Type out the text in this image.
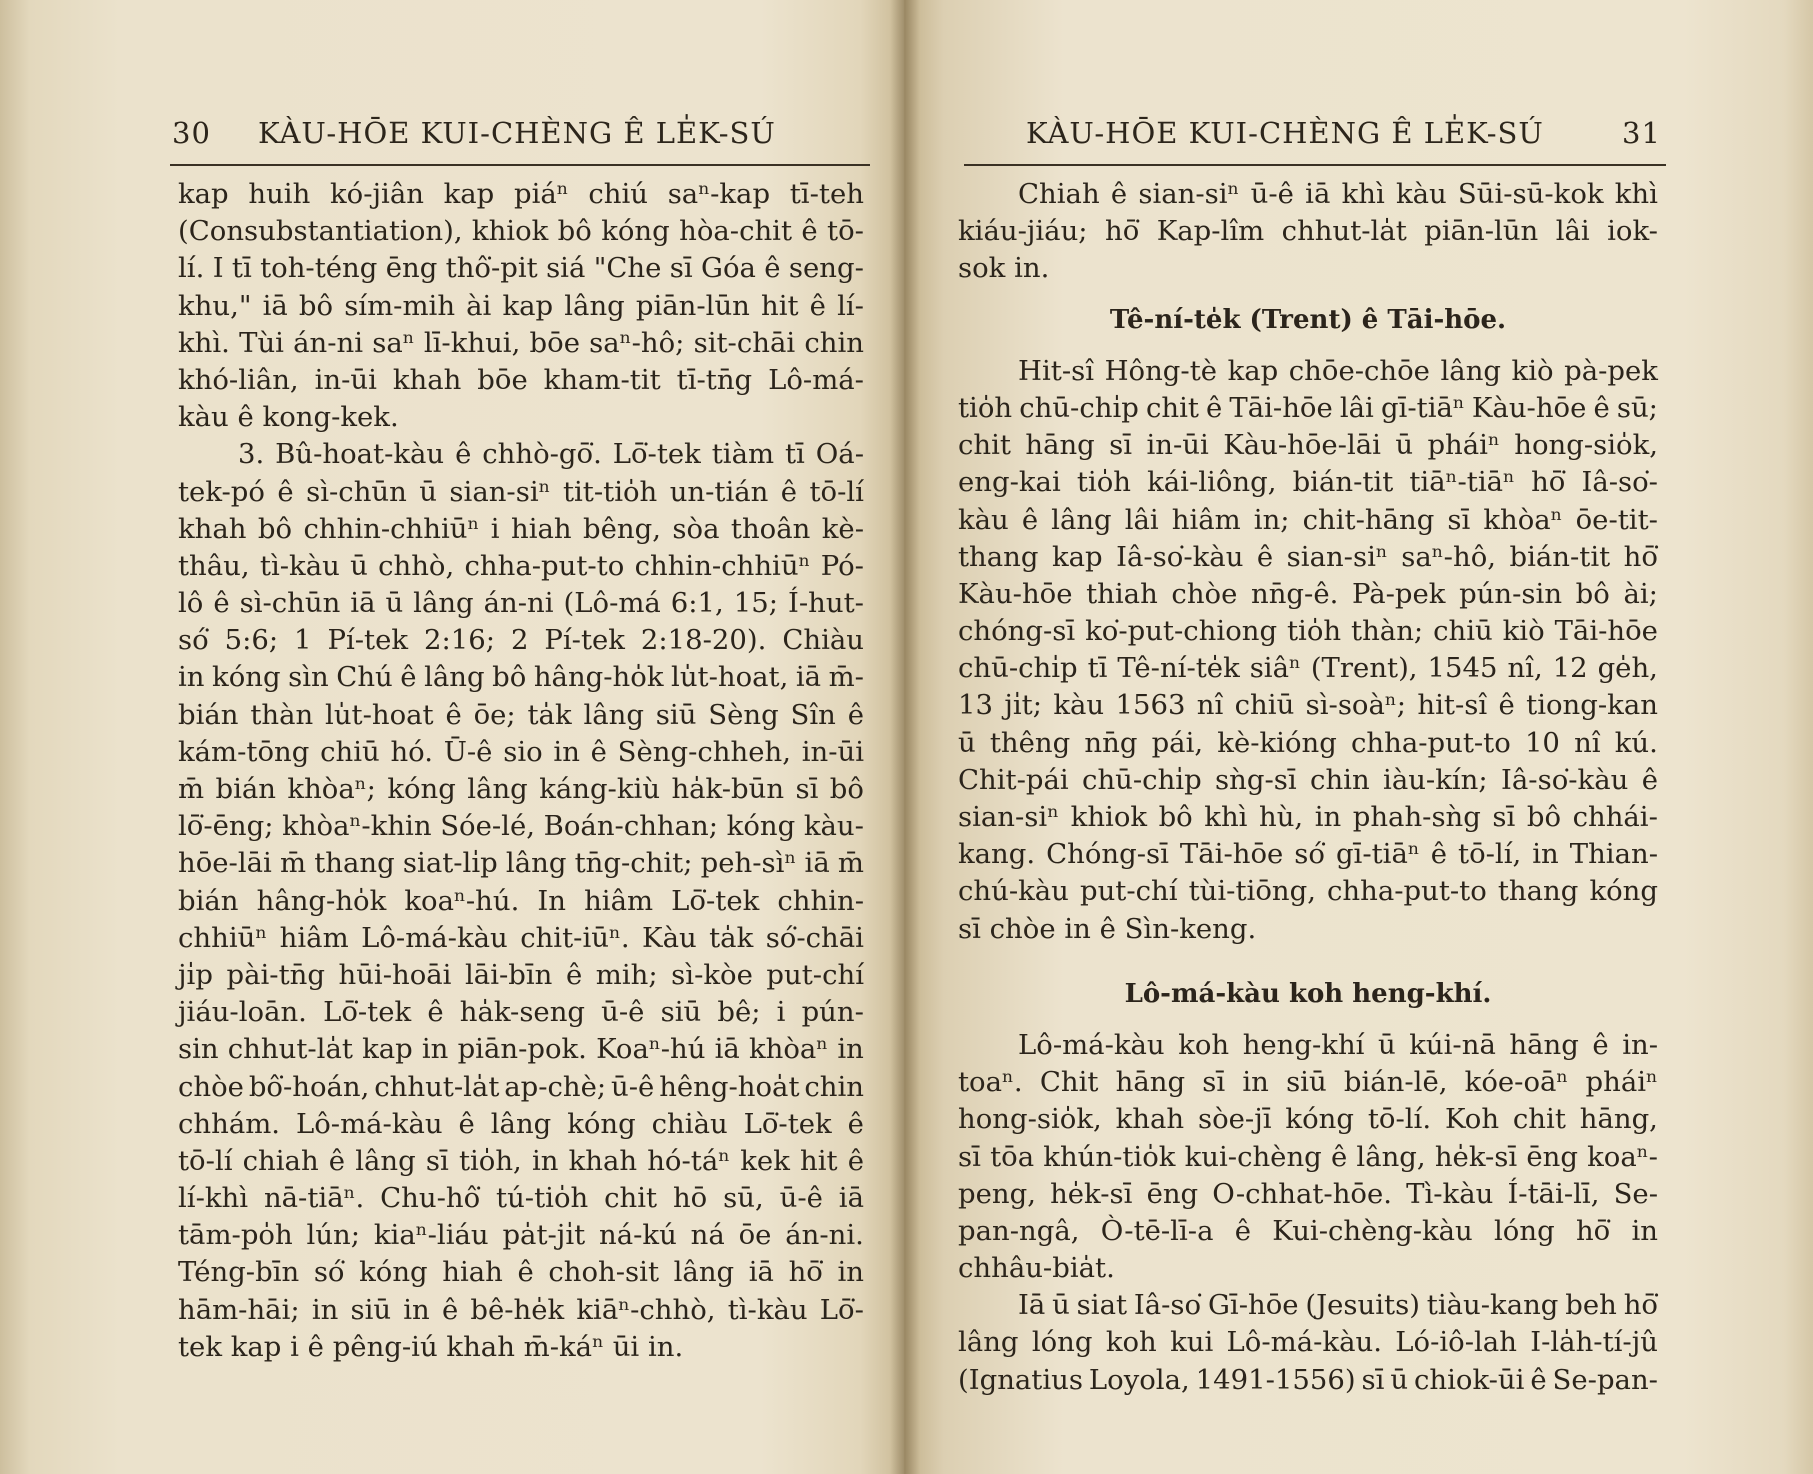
30 KÀU-HŌE KUI-CHÈNG Ê LE̍K-SÚ
kap huih kó-jiân kap piáⁿ chiú saⁿ-kap tī-teh
(Consubstantiation), khiok bô kóng hòa-chit ê tō-
lí. I tī toh-téng ēng thô͘-pit siá "Che sī Góa ê seng-
khu," iā bô sím-mih ài kap lâng piān-lūn hit ê lí-
khì. Tùi án-ni saⁿ lī-khui, bōe saⁿ-hô; sit-chāi chin
khó-liân, in-ūi khah bōe kham-tit tī-tn̄g Lô-má-
kàu ê kong-kek.
3. Bû-hoat-kàu ê chhò-gō͘. Lō͘-tek tiàm tī Oá-
tek-pó ê sì-chūn ū sian-siⁿ tit-tio̍h un-tián ê tō-lí
khah bô chhin-chhiūⁿ i hiah bêng, sòa thoân kè-
thâu, tì-kàu ū chhò, chha-put-to chhin-chhiūⁿ Pó-
lô ê sì-chūn iā ū lâng án-ni (Lô-má 6:1, 15; Í-hut-
só͘ 5:6; 1 Pí-tek 2:16; 2 Pí-tek 2:18-20). Chiàu
in kóng sìn Chú ê lâng bô hâng-ho̍k lu̍t-hoat, iā m̄-
bián thàn lu̍t-hoat ê ōe; ta̍k lâng siū Sèng Sîn ê
kám-tōng chiū hó. Ū-ê sio in ê Sèng-chheh, in-ūi
m̄ bián khòaⁿ; kóng lâng káng-kiù ha̍k-būn sī bô
lō͘-ēng; khòaⁿ-khin Sóe-lé, Boán-chhan; kóng kàu-
hōe-lāi m̄ thang siat-li̍p lâng tn̄g-chit; peh-sìⁿ iā m̄
bián hâng-ho̍k koaⁿ-hú. In hiâm Lō͘-tek chhin-
chhiūⁿ hiâm Lô-má-kàu chit-iūⁿ. Kàu ta̍k só͘-chāi
ji̍p pài-tn̄g hūi-hoāi lāi-bīn ê mih; sì-kòe put-chí
jiáu-loān. Lō͘-tek ê ha̍k-seng ū-ê siū bê; i pún-
sin chhut-la̍t kap in piān-pok. Koaⁿ-hú iā khòaⁿ in
chòe bô͘-hoán, chhut-la̍t ap-chè; ū-ê hêng-hoa̍t chin
chhám. Lô-má-kàu ê lâng kóng chiàu Lō͘-tek ê
tō-lí chiah ê lâng sī tio̍h, in khah hó-táⁿ kek hit ê
lí-khì nā-tiāⁿ. Chu-hô͘ tú-tio̍h chit hō sū, ū-ê iā
tām-po̍h lún; kiaⁿ-liáu pa̍t-ji̍t ná-kú ná ōe án-ni.
Téng-bīn só͘ kóng hiah ê choh-sit lâng iā hō͘ in
hām-hāi; in siū in ê bê-he̍k kiāⁿ-chhò, tì-kàu Lō͘-
tek kap i ê pêng-iú khah m̄-káⁿ ūi in.
KÀU-HŌE KUI-CHÈNG Ê LE̍K-SÚ	31
Chiah ê sian-siⁿ ū-ê iā khì kàu Sūi-sū-kok khì
kiáu-jiáu; hō͘ Kap-lîm chhut-la̍t piān-lūn lâi iok-
sok in.
Tê-ní-te̍k (Trent) ê Tāi-hōe.
Hit-sî Hông-tè kap chōe-chōe lâng kiò pà-pek
tio̍h chū-chi̍p chit ê Tāi-hōe lâi gī-tiāⁿ Kàu-hōe ê sū;
chit hāng sī in-ūi Kàu-hōe-lāi ū pháiⁿ hong-sio̍k,
eng-kai tio̍h kái-liông, bián-tit tiāⁿ-tiāⁿ hō͘ Iâ-so͘-
kàu ê lâng lâi hiâm in; chit-hāng sī khòaⁿ ōe-tit-
thang kap Iâ-so͘-kàu ê sian-siⁿ saⁿ-hô, bián-tit hō͘
Kàu-hōe thiah chòe nn̄g-ê. Pà-pek pún-sin bô ài;
chóng-sī ko͘-put-chiong tio̍h thàn; chiū kiò Tāi-hōe
chū-chi̍p tī Tê-ní-te̍k siâⁿ (Trent), 1545 nî, 12 ge̍h,
13 ji̍t; kàu 1563 nî chiū sì-soàⁿ; hit-sî ê tiong-kan
ū thêng nn̄g pái, kè-kióng chha-put-to 10 nî kú.
Chit-pái chū-chi̍p sǹg-sī chin iàu-kín; Iâ-so͘-kàu ê
sian-siⁿ khiok bô khì hù, in phah-sǹg sī bô chhái-
kang. Chóng-sī Tāi-hōe só͘ gī-tiāⁿ ê tō-lí, in Thian-
chú-kàu put-chí tùi-tiōng, chha-put-to thang kóng
sī chòe in ê Sìn-keng.
Lô-má-kàu koh heng-khí.
Lô-má-kàu koh heng-khí ū kúi-nā hāng ê in-
toaⁿ. Chit hāng sī in siū bián-lē, kóe-oāⁿ pháiⁿ
hong-sio̍k, khah sòe-jī kóng tō-lí. Koh chit hāng,
sī tōa khún-tio̍k kui-chèng ê lâng, he̍k-sī ēng koaⁿ-
peng, he̍k-sī ēng O-chhat-hōe. Tì-kàu Í-tāi-lī, Se-
pan-ngâ, Ò-tē-lī-a ê Kui-chèng-kàu lóng hō͘ in
chhâu-bia̍t.
Iā ū siat Iâ-so͘ Gī-hōe (Jesuits) tiàu-kang beh hō͘
lâng lóng koh kui Lô-má-kàu. Ló-iô-lah I-la̍h-tí-jû
(Ignatius Loyola, 1491-1556) sī ū chiok-ūi ê Se-pan-
